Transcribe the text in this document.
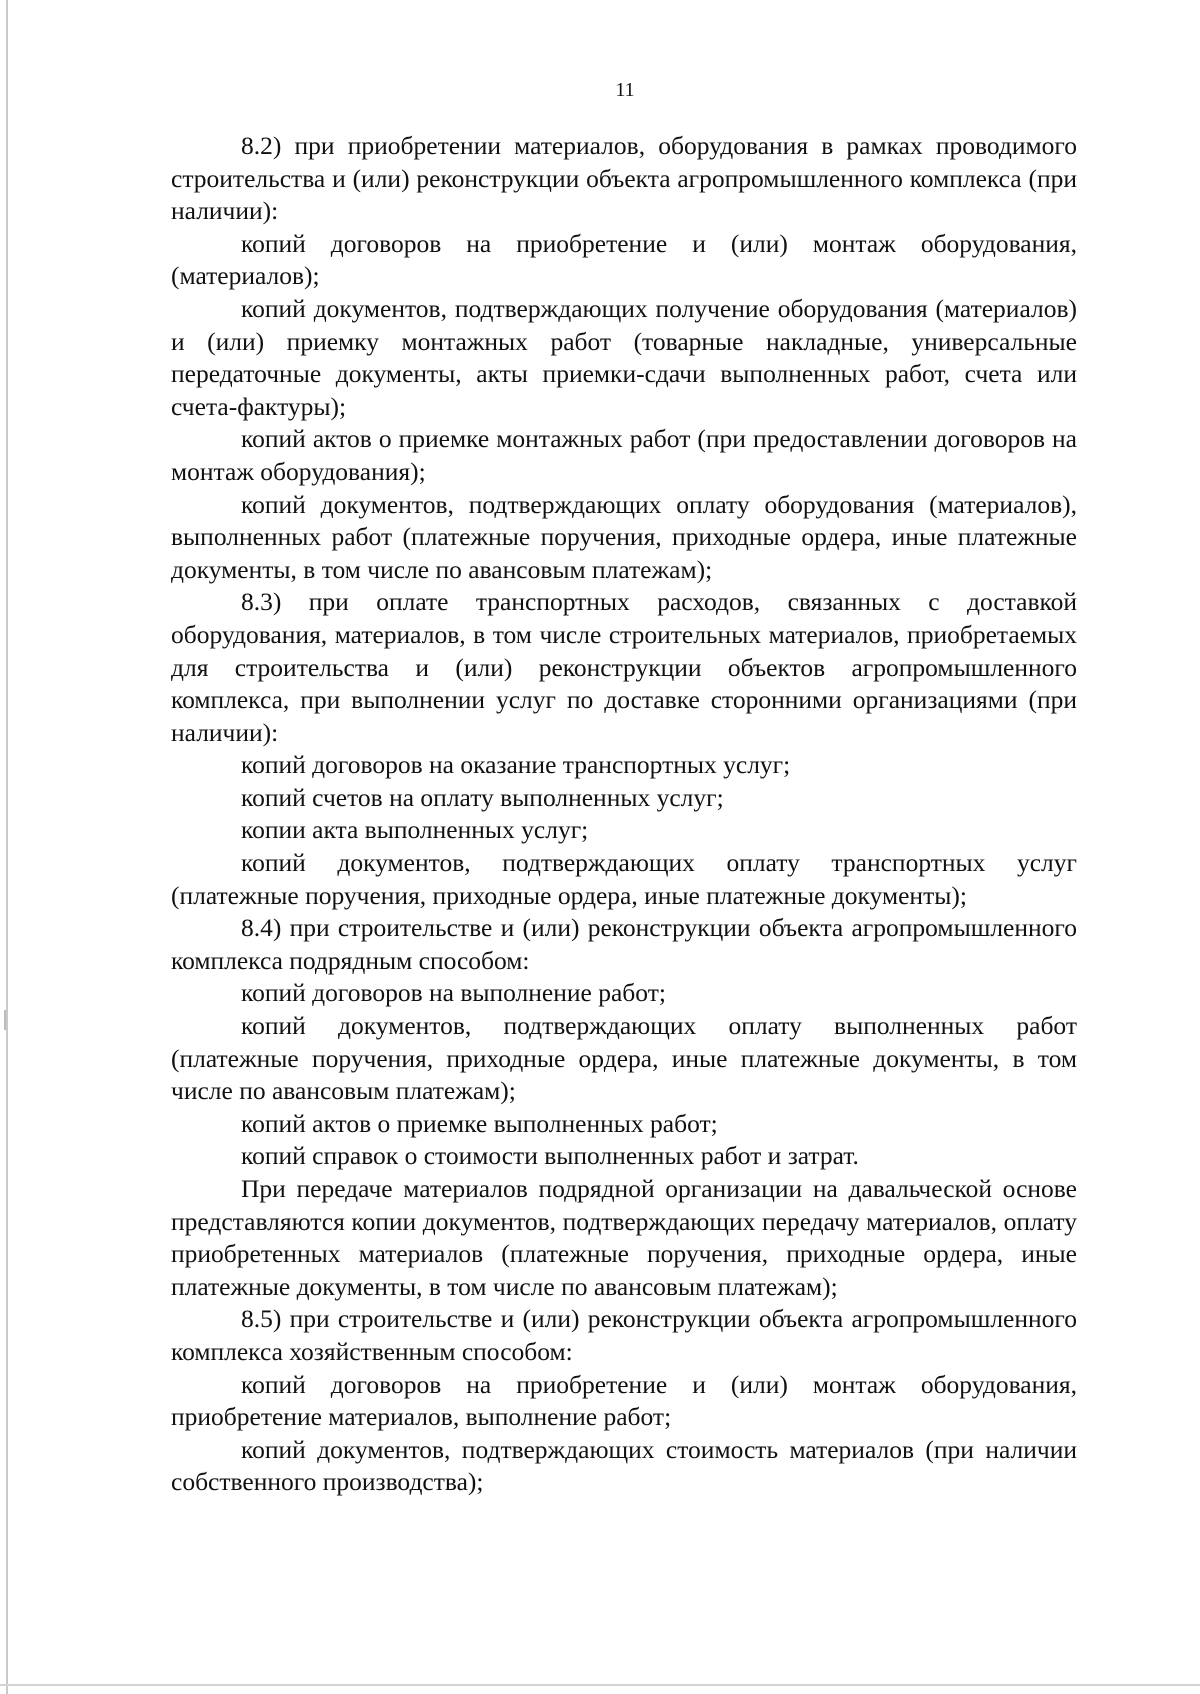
11

8.2) при приобретении материалов, оборудования в рамках проводимого строительства и (или) реконструкции объекта агропромышленного комплекса (при наличии):

копий договоров на приобретение и (или) монтаж оборудования, (материалов);

копий документов, подтверждающих получение оборудования (материалов) и (или) приемку монтажных работ (товарные накладные, универсальные передаточные документы, акты приемки-сдачи выполненных работ, счета или счета-фактуры);

копий актов о приемке монтажных работ (при предоставлении договоров на монтаж оборудования);

копий документов, подтверждающих оплату оборудования (материалов), выполненных работ (платежные поручения, приходные ордера, иные платежные документы, в том числе по авансовым платежам);

8.3) при оплате транспортных расходов, связанных с доставкой оборудования, материалов, в том числе строительных материалов, приобретаемых для строительства и (или) реконструкции объектов агропромышленного комплекса, при выполнении услуг по доставке сторонними организациями (при наличии):

копий договоров на оказание транспортных услуг;

копий счетов на оплату выполненных услуг;

копии акта выполненных услуг;

копий документов, подтверждающих оплату транспортных услуг (платежные поручения, приходные ордера, иные платежные документы);

8.4) при строительстве и (или) реконструкции объекта агропромышленного комплекса подрядным способом:

копий договоров на выполнение работ;

копий документов, подтверждающих оплату выполненных работ (платежные поручения, приходные ордера, иные платежные документы, в том числе по авансовым платежам);

копий актов о приемке выполненных работ;

копий справок о стоимости выполненных работ и затрат.

При передаче материалов подрядной организации на давальческой основе представляются копии документов, подтверждающих передачу материалов, оплату приобретенных материалов (платежные поручения, приходные ордера, иные платежные документы, в том числе по авансовым платежам);

8.5) при строительстве и (или) реконструкции объекта агропромышленного комплекса хозяйственным способом:

копий договоров на приобретение и (или) монтаж оборудования, приобретение материалов, выполнение работ;

копий документов, подтверждающих стоимость материалов (при наличии собственного производства);
